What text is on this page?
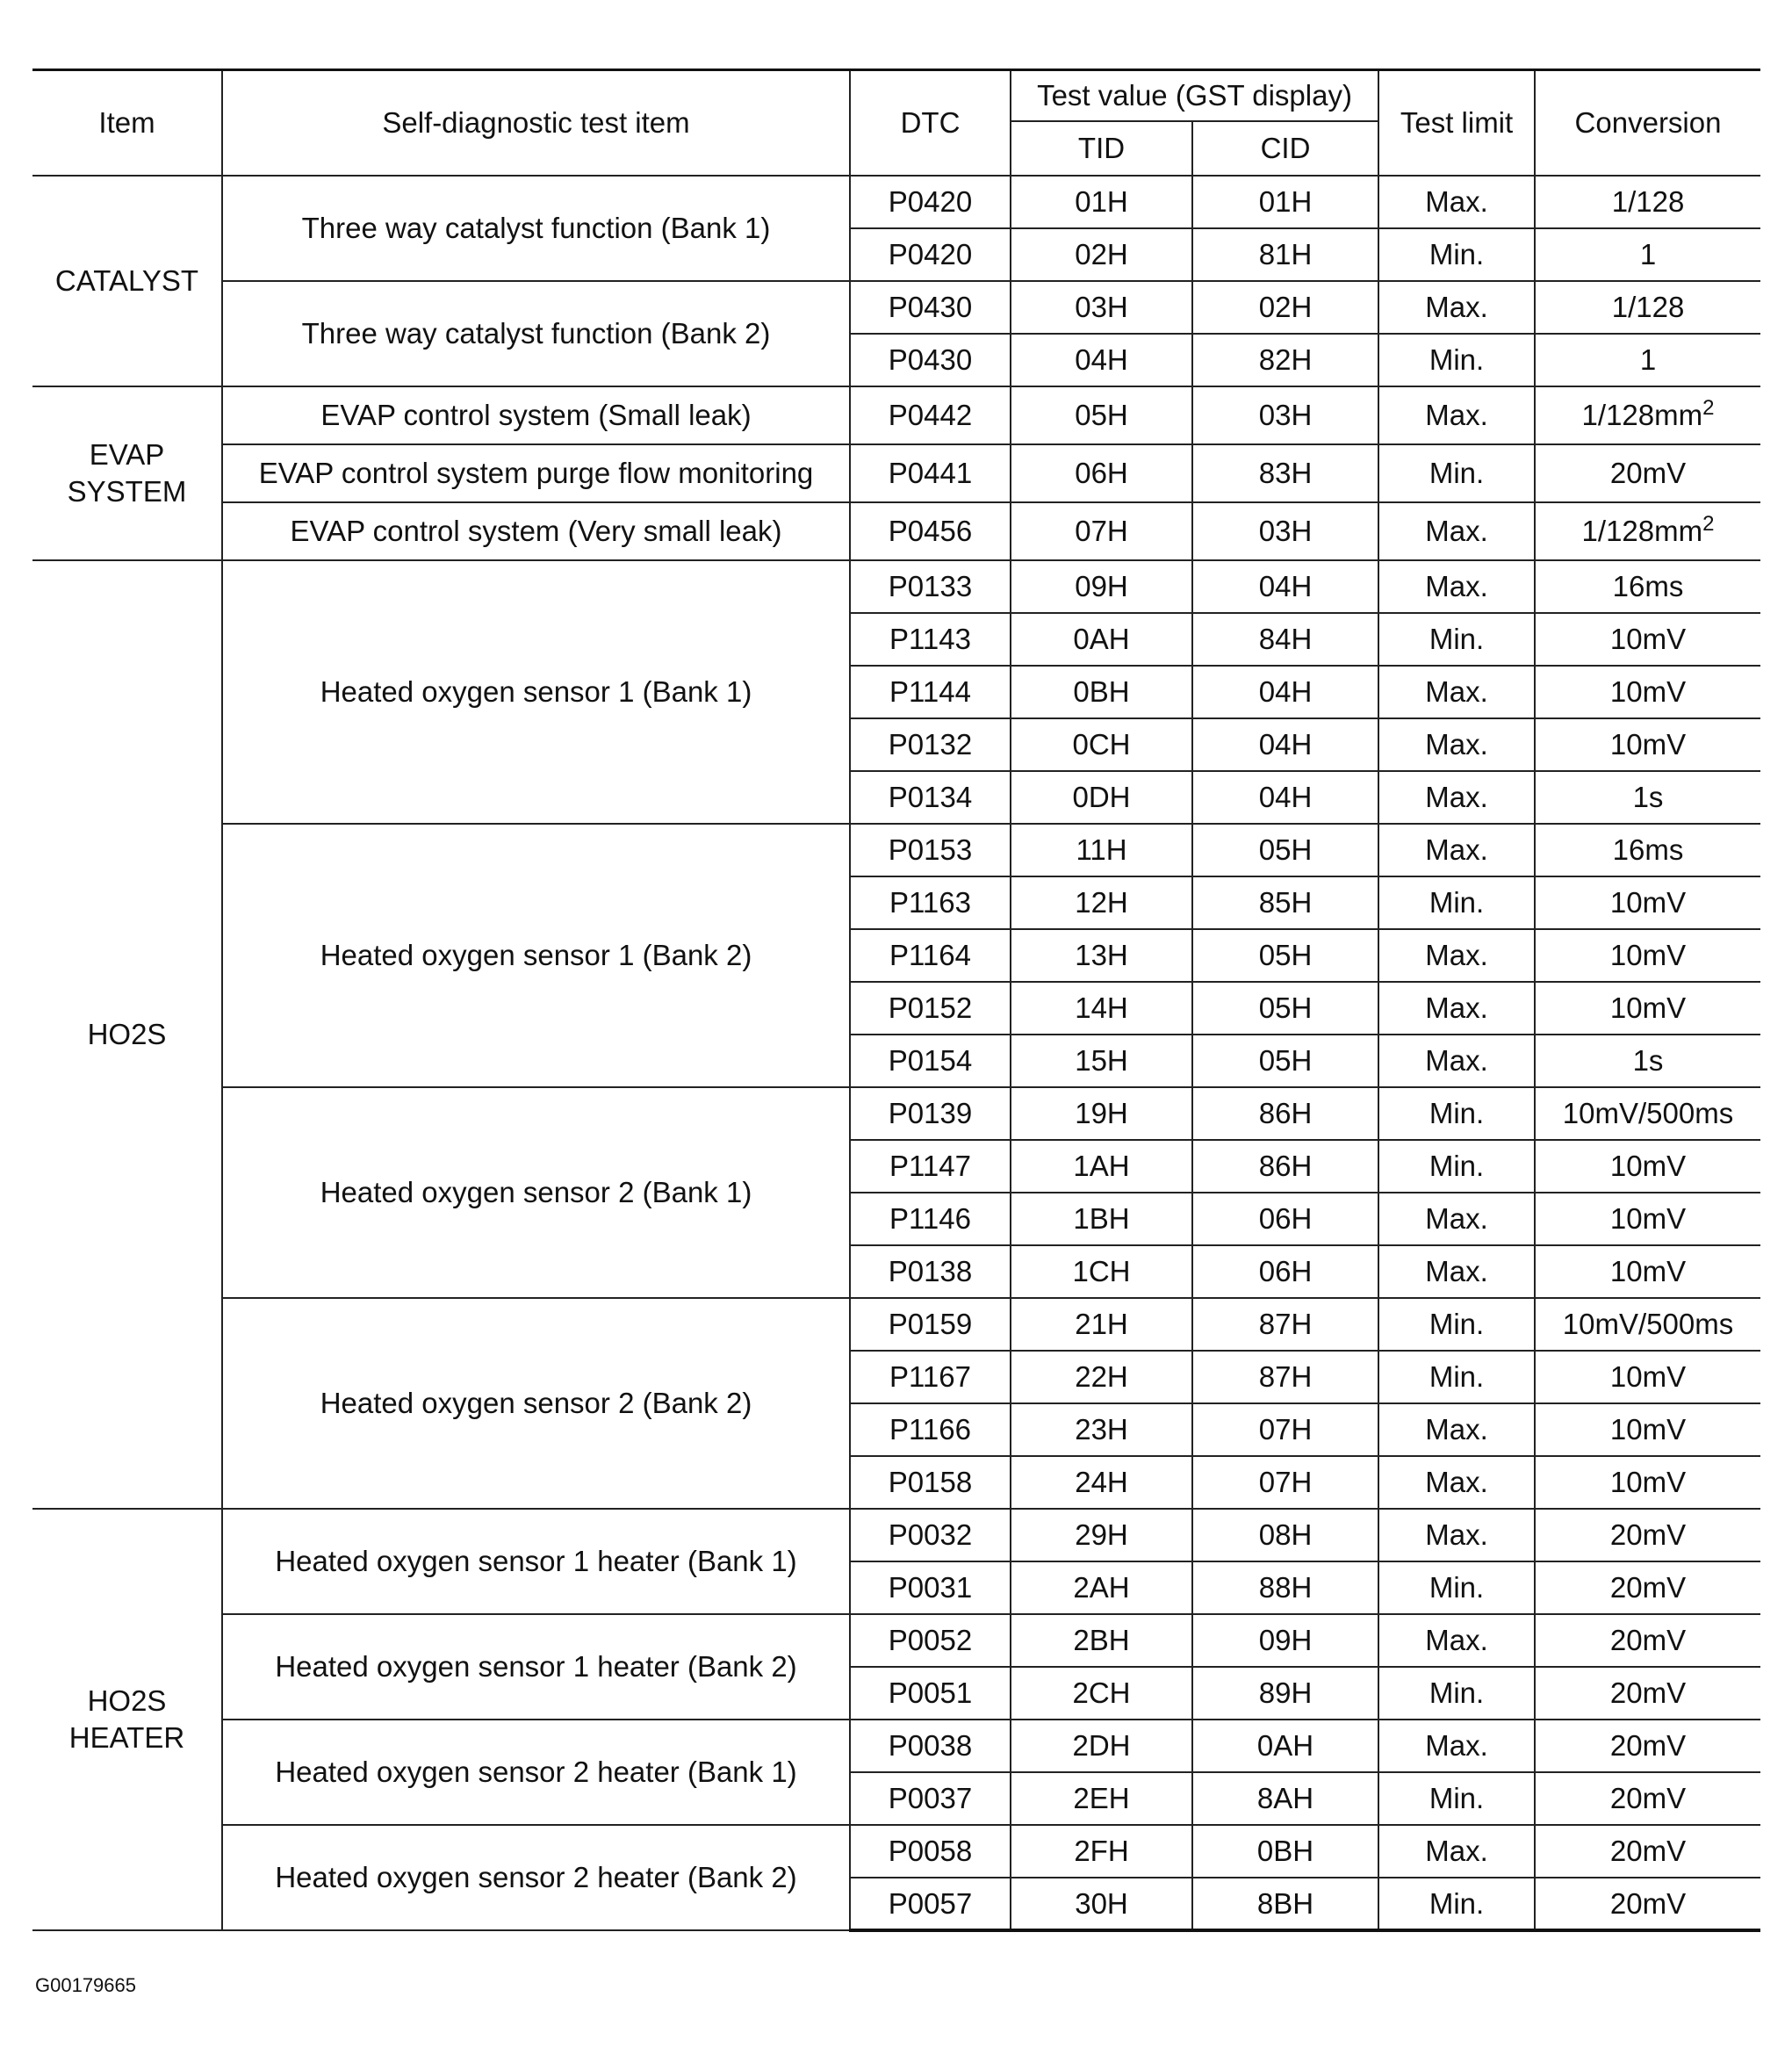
Item	Self-diagnostic test item	DTC	Test value (GST display)		Test limit	Conversion
			TID	CID		
CATALYST	Three way catalyst function (Bank 1)	P0420	01H	01H	Max.	1/128
		P0420	02H	81H	Min.	1
	Three way catalyst function (Bank 2)	P0430	03H	02H	Max.	1/128
		P0430	04H	82H	Min.	1

EVAP
SYSTEM	EVAP control system (Small leak)	P0442	05H	03H	Max.	$1/128mm^2$
	EVAP control system purge flow monitoring	P0441	06H	83H	Min.	20mV
	EVAP control system (Very small leak)	P0456	07H	03H	Max.	$1/128mm^2$
HO2S	Heated oxygen sensor 1 (Bank 1)	P0133	09H	04H	Max.	16ms
		P1143	0AH	84H	Min.	10mV
		P1144	0BH	04H	Max.	10mV
		P0132	0CH	04H	Max.	10mV
		P0134	0DH	04H	Max.	1s
	Heated oxygen sensor 1 (Bank 2)	P0153	11H	05H	Max.	16ms
		P1163	12H	85H	Min.	10mV
		P1164	13H	05H	Max.	10mV
		P0152	14H	05H	Max.	10mV
		P0154	15H	05H	Max.	1s
	Heated oxygen sensor 2 (Bank 1)	P0139	19H	86H	Min.	10mV/500ms
		P1147	1AH	86H	Min.	10mV
		P1146	1BH	06H	Max.	10mV
		P0138	1CH	06H	Max.	10mV
	Heated oxygen sensor 2 (Bank 2)	P0159	21H	87H	Min.	10mV/500ms
		P1167	22H	87H	Min.	10mV
		P1166	23H	07H	Max.	10mV
		P0158	24H	07H	Max.	10mV

HO2S
HEATER	Heated oxygen sensor 1 heater (Bank 1)	P0032	29H	08H	Max.	20mV
		P0031	2AH	88H	Min.	20mV
	Heated oxygen sensor 1 heater (Bank 2)	P0052	2BH	09H	Max.	20mV
		P0051	2CH	89H	Min.	20mV
	Heated oxygen sensor 2 heater (Bank 1)	P0038	2DH	0AH	Max.	20mV
		P0037	2EH	8AH	Min.	20mV
	Heated oxygen sensor 2 heater (Bank 2)	P0058	2FH	0BH	Max.	20mV
		P0057	30H	8BH	Min.	20mV
G00179665
